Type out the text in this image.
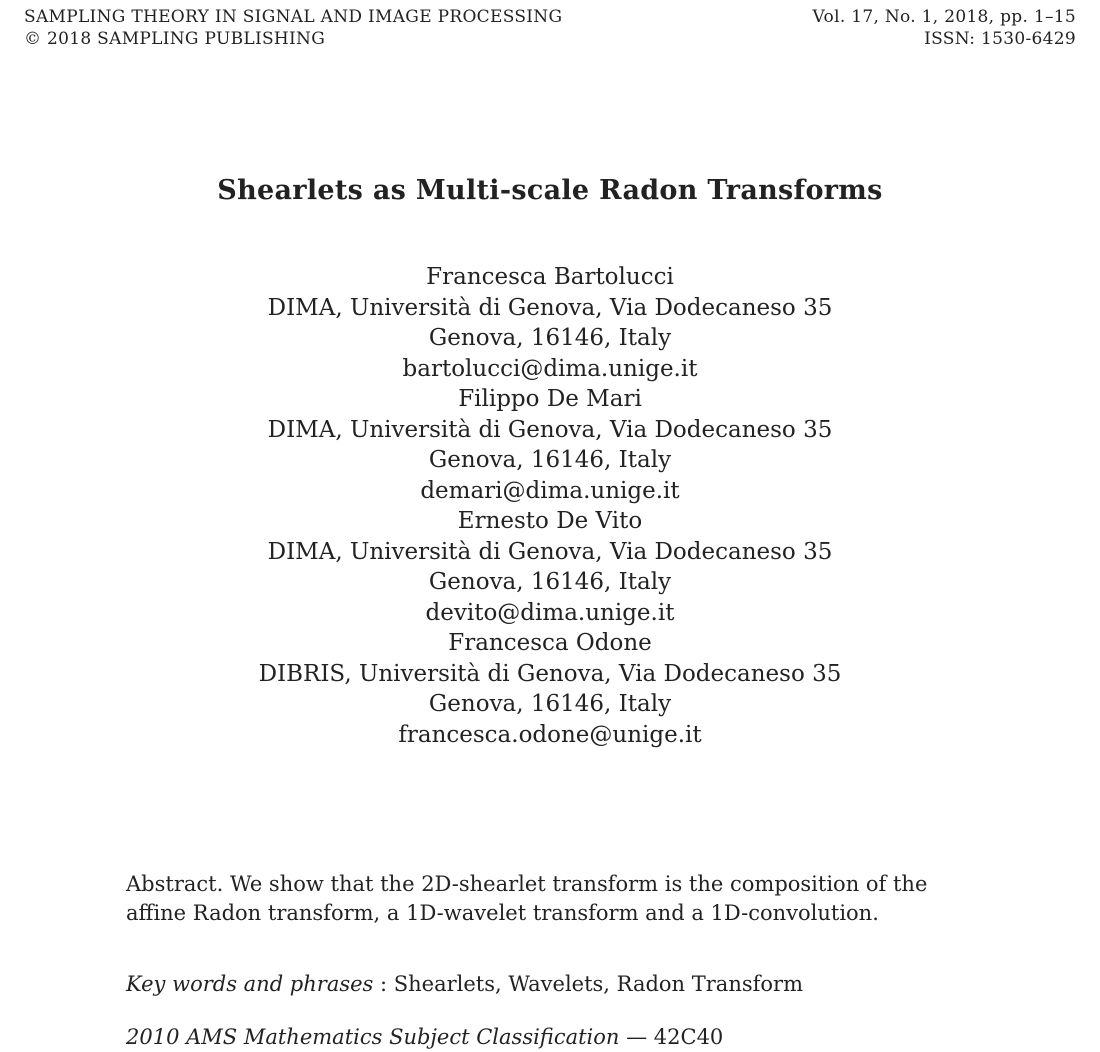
SAMPLING THEORY IN SIGNAL AND IMAGE PROCESSING	Vol. 17, No. 1, 2018, pp. 1–15
© 2018 SAMPLING PUBLISHING	ISSN: 1530-6429
Shearlets as Multi-scale Radon Transforms
Francesca Bartolucci
DIMA, Università di Genova, Via Dodecaneso 35
Genova, 16146, Italy
bartolucci@dima.unige.it
Filippo De Mari
DIMA, Università di Genova, Via Dodecaneso 35
Genova, 16146, Italy
demari@dima.unige.it
Ernesto De Vito
DIMA, Università di Genova, Via Dodecaneso 35
Genova, 16146, Italy
devito@dima.unige.it
Francesca Odone
DIBRIS, Università di Genova, Via Dodecaneso 35
Genova, 16146, Italy
francesca.odone@unige.it
Abstract. We show that the 2D-shearlet transform is the composition of the affine Radon transform, a 1D-wavelet transform and a 1D-convolution.
Key words and phrases : Shearlets, Wavelets, Radon Transform
2010 AMS Mathematics Subject Classification — 42C40
